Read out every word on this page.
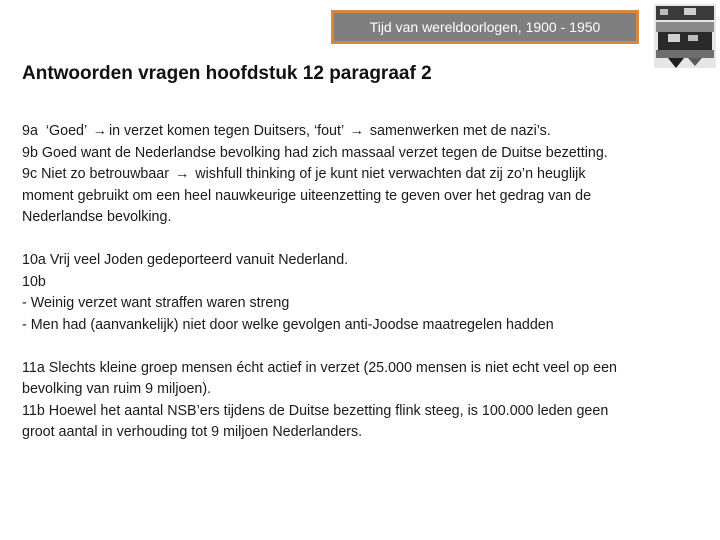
Tijd van wereldoorlogen, 1900 - 1950
Antwoorden vragen hoofdstuk 12 paragraaf 2

9a ‘Goed’ → in verzet komen tegen Duitsers, ‘fout’ → samenwerken met de nazi’s.

9b Goed want de Nederlandse bevolking had zich massaal verzet tegen de Duitse bezetting.

9c Niet zo betrouwbaar → wishfull thinking of je kunt niet verwachten dat zij zo’n heuglijk

moment gebruikt om een heel nauwkeurige uiteenzetting te geven over het gedrag van de

Nederlandse bevolking.

10a Vrij veel Joden gedeporteerd vanuit Nederland.

10b

- Weinig verzet want straffen waren streng

- Men had (aanvankelijk) niet door welke gevolgen anti-Joodse maatregelen hadden

11a Slechts kleine groep mensen écht actief in verzet (25.000 mensen is niet echt veel op een

bevolking van ruim 9 miljoen).

11b Hoewel het aantal NSB’ers tijdens de Duitse bezetting flink steeg, is 100.000 leden geen

groot aantal in verhouding tot 9 miljoen Nederlanders.
